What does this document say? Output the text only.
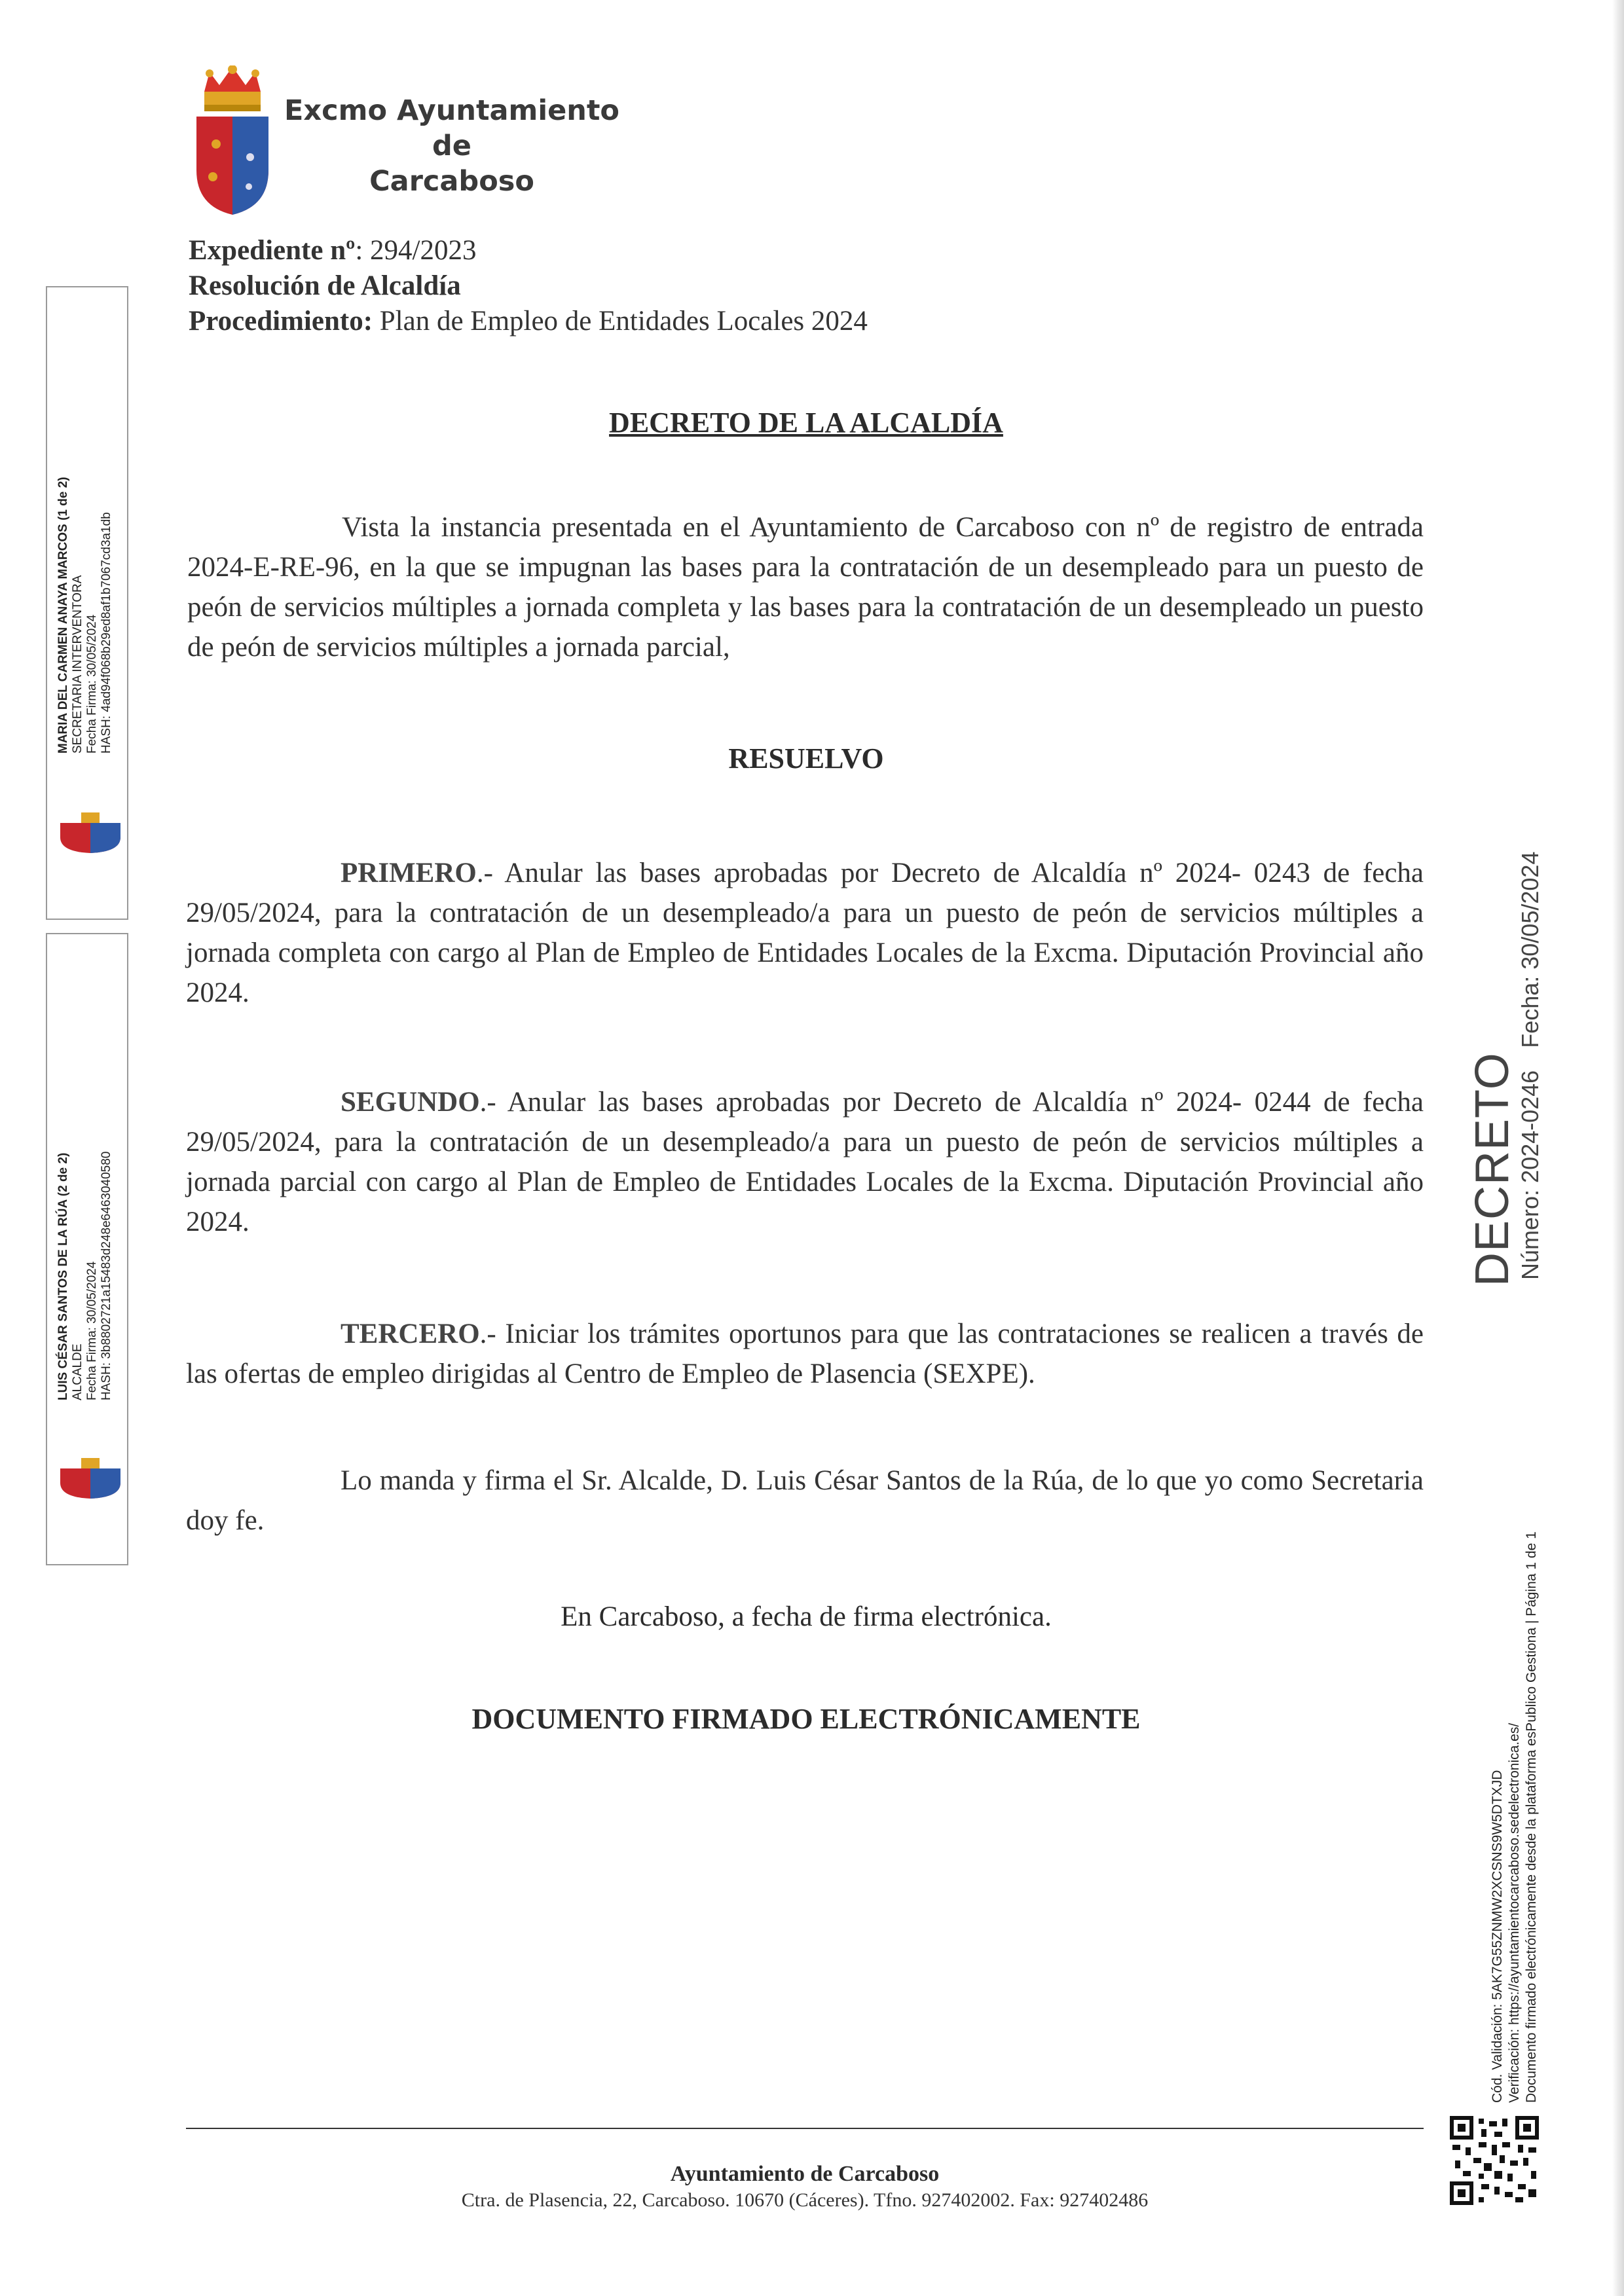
Excmo Ayuntamiento
de
Carcaboso
Expediente nº: 294/2023
Resolución de Alcaldía
Procedimiento: Plan de Empleo de Entidades Locales 2024
DECRETO DE LA ALCALDÍA
Vista la instancia presentada en el Ayuntamiento de Carcaboso con nº de registro de entrada 2024-E-RE-96, en la que se impugnan las bases para la contratación de un desempleado para un puesto de peón de servicios múltiples a jornada completa y las bases para la contratación de un desempleado un puesto de peón de servicios múltiples a jornada parcial,
RESUELVO
PRIMERO.- Anular las bases aprobadas por Decreto de Alcaldía nº 2024- 0243 de fecha 29/05/2024, para la contratación de un desempleado/a para un puesto de peón de servicios múltiples a jornada completa con cargo al Plan de Empleo de Entidades Locales de la Excma. Diputación Provincial año 2024.
SEGUNDO.- Anular las bases aprobadas por Decreto de Alcaldía nº 2024- 0244 de fecha 29/05/2024, para la contratación de un desempleado/a para un puesto de peón de servicios múltiples a jornada parcial con cargo al Plan de Empleo de Entidades Locales de la Excma. Diputación Provincial año 2024.
TERCERO.- Iniciar los trámites oportunos para que las contrataciones se realicen a través de las ofertas de empleo dirigidas al Centro de Empleo de Plasencia (SEXPE).
Lo manda y firma el Sr. Alcalde, D. Luis César Santos de la Rúa, de lo que yo como Secretaria doy fe.
En Carcaboso, a fecha de firma electrónica.
DOCUMENTO FIRMADO ELECTRÓNICAMENTE
MARIA DEL CARMEN ANAYA MARCOS (1 de 2) SECRETARIA INTERVENTORA Fecha Firma: 30/05/2024 HASH: 4ad94f068b29ed8af1b7067cd3a1db
LUIS CÉSAR SANTOS DE LA RÚA (2 de 2) ALCALDE Fecha Firma: 30/05/2024 HASH: 3b8802721a15483d248e6463040580	DECRETO
Número: 2024-0246Fecha: 30/05/2024
Cód. Validación: 5AK7G55ZNMW2XCSNS9W5DTXJD Verificación: https://ayuntamientocarcaboso.sedelectronica.es/ Documento firmado electrónicamente desde la plataforma esPublico Gestiona | Página 1 de 1
Ayuntamiento de Carcaboso
Ctra. de Plasencia, 22, Carcaboso. 10670 (Cáceres). Tfno. 927402002. Fax: 927402486
